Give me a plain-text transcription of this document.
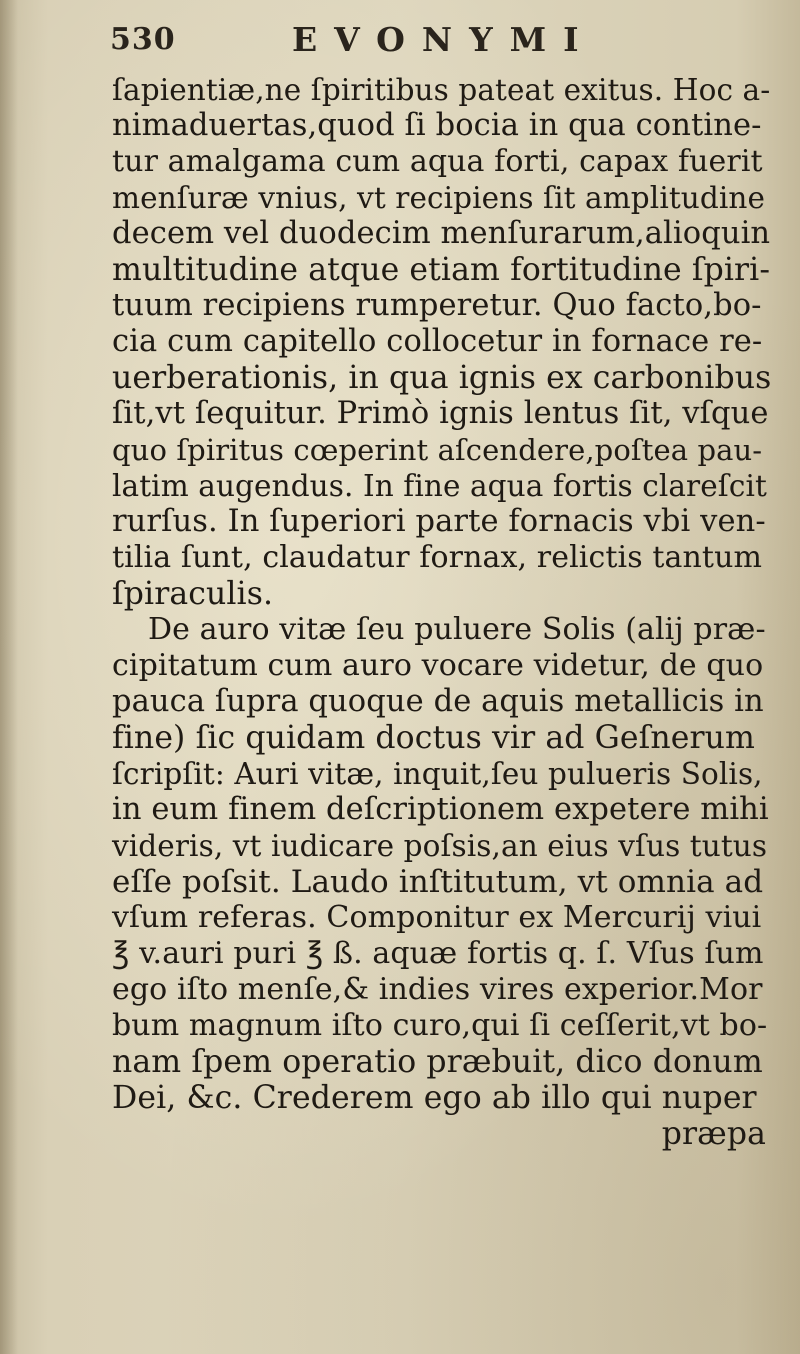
530	EVONYMI
ſapientiæ,ne ſpiritibus pateat exitus. Hoc a-
nimaduertas,quod ſi bocia in qua contine-
tur amalgama cum aqua forti, capax fuerit
menſuræ vnius, vt recipiens ſit amplitudine
decem vel duodecim menſurarum,alioquin
multitudine atque etiam fortitudine ſpiri-
tuum recipiens rumperetur. Quo facto,bo-
cia cum capitello collocetur in fornace re-
uerberationis, in qua ignis ex carbonibus
ſit,vt ſequitur. Primò ignis lentus ſit, vſque
quo ſpiritus cœperint aſcendere,poſtea pau-
latim augendus. In fine aqua fortis clareſcit
rurſus. In ſuperiori parte fornacis vbi ven-
tilia ſunt, claudatur fornax, relictis tantum
ſpiraculis.
De auro vitæ ſeu puluere Solis (alij præ-
cipitatum cum auro vocare videtur, de quo
pauca ſupra quoque de aquis metallicis in
fine) ſic quidam doctus vir ad Geſnerum
ſcripſit: Auri vitæ, inquit,ſeu pulueris Solis,
in eum finem deſcriptionem expetere mihi
videris, vt iudicare poſsis,an eius vſus tutus
eſſe poſsit. Laudo inſtitutum, vt omnia ad
vſum referas. Componitur ex Mercurij viui
℥ v.auri puri ℥ ß. aquæ fortis q. ſ. Vſus ſum
ego iſto menſe,& indies vires experior.Mor
bum magnum iſto curo,qui ſi ceſſerit,vt bo-
nam ſpem operatio præbuit, dico donum
Dei, &c. Crederem ego ab illo qui nuper
præpa
